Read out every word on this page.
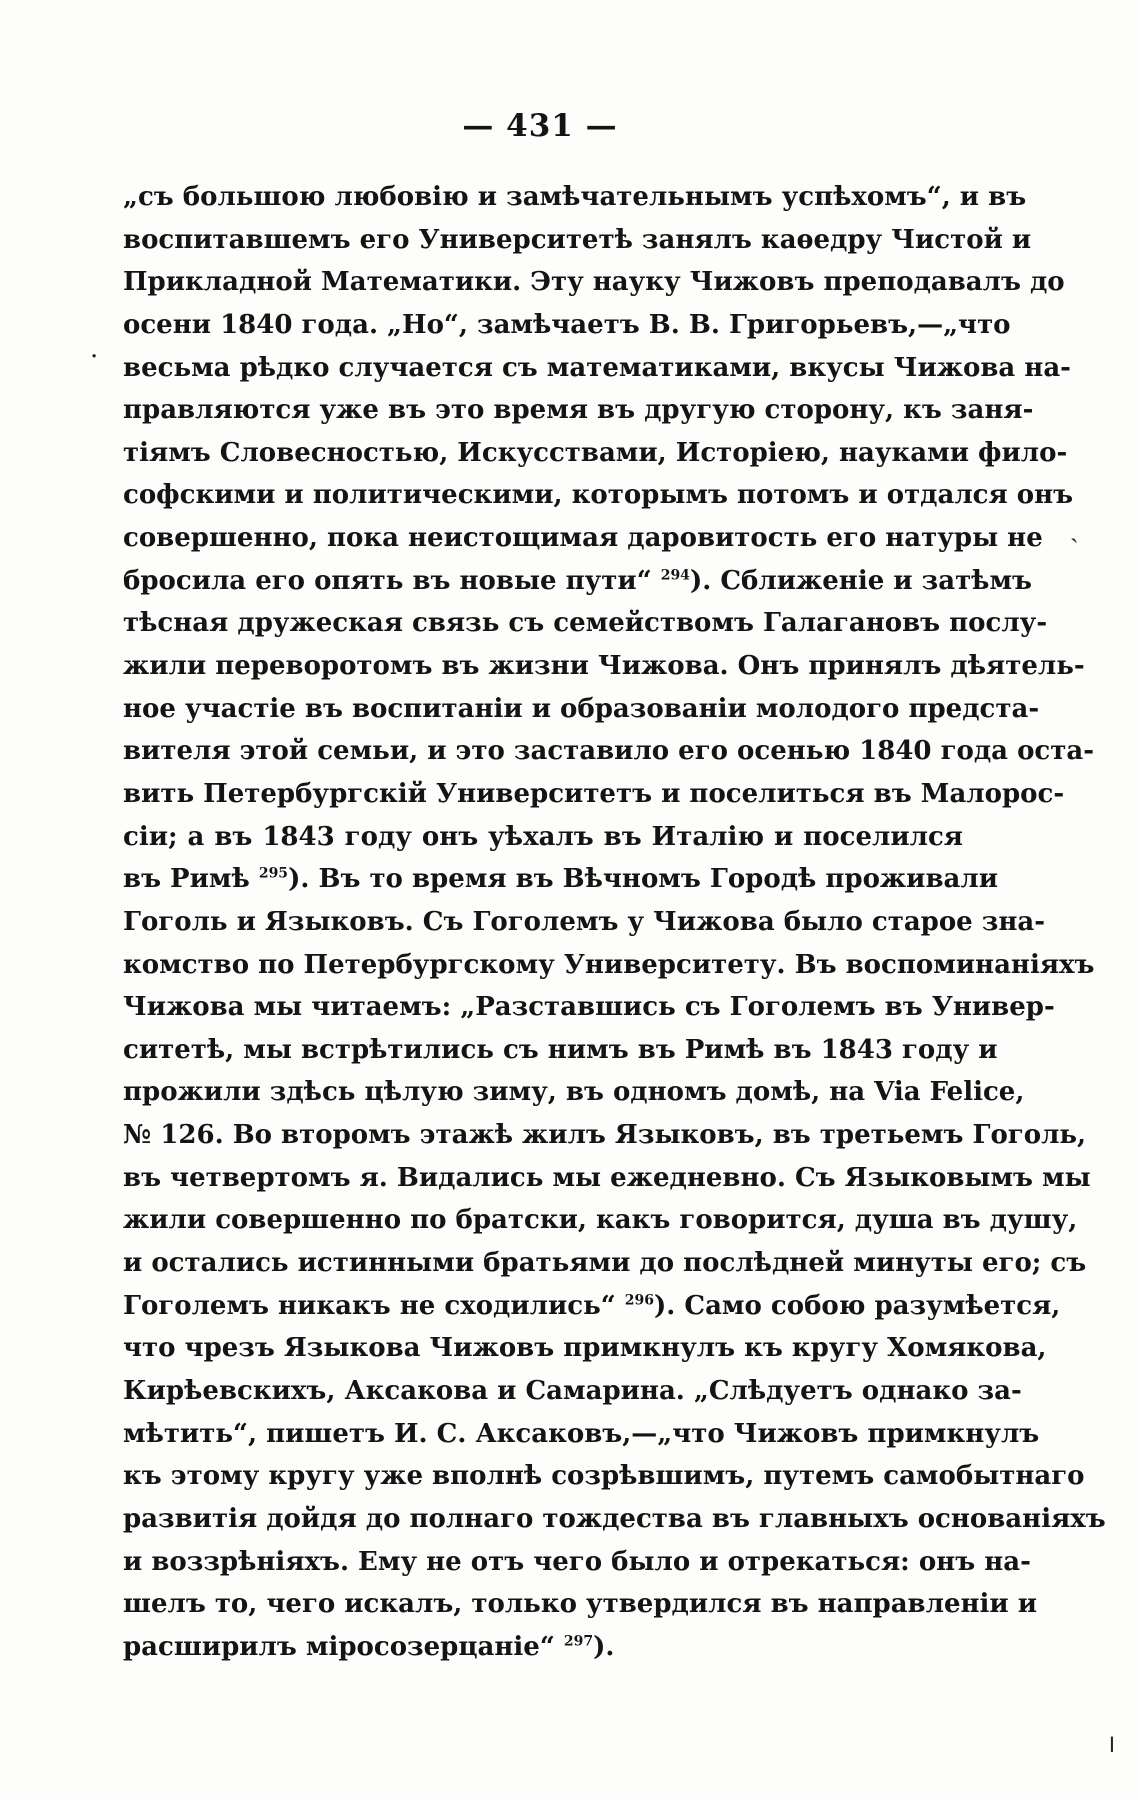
— 431 —
„съ большою любовію и замѣчательнымъ успѣхомъ“, и въ
воспитавшемъ его Университетѣ занялъ каѳедру Чистой и
Прикладной Математики. Эту науку Чижовъ преподавалъ до
осени 1840 года. „Но“, замѣчаетъ В. В. Григорьевъ,—„что
весьма рѣдко случается съ математиками, вкусы Чижова на-
правляются уже въ это время въ другую сторону, къ заня-
тіямъ Словесностью, Искусствами, Исторіею, науками фило-
софскими и политическими, которымъ потомъ и отдался онъ
совершенно, пока неистощимая даровитость его натуры не
бросила его опять въ новые пути“ $^{294}$). Сближеніе и затѣмъ
тѣсная дружеская связь съ семействомъ Галагановъ послу-
жили переворотомъ въ жизни Чижова. Онъ принялъ дѣятель-
ное участіе въ воспитаніи и образованіи молодого предста-
вителя этой семьи, и это заставило его осенью 1840 года оста-
вить Петербургскій Университетъ и поселиться въ Малорос-
сіи; а въ 1843 году онъ уѣхалъ въ Италію и поселился
въ Римѣ $^{295}$). Въ то время въ Вѣчномъ Городѣ проживали
Гоголь и Языковъ. Съ Гоголемъ у Чижова было старое зна-
комство по Петербургскому Университету. Въ воспоминаніяхъ
Чижова мы читаемъ: „Разставшись съ Гоголемъ въ Универ-
ситетѣ, мы встрѣтились съ нимъ въ Римѣ въ 1843 году и
прожили здѣсь цѣлую зиму, въ одномъ домѣ, на Via Felice,
№ 126. Во второмъ этажѣ жилъ Языковъ, въ третьемъ Гоголь,
въ четвертомъ я. Видались мы ежедневно. Съ Языковымъ мы
жили совершенно по братски, какъ говорится, душа въ душу,
и остались истинными братьями до послѣдней минуты его; съ
Гоголемъ никакъ не сходились“ $^{296}$). Само собою разумѣется,
что чрезъ Языкова Чижовъ примкнулъ къ кругу Хомякова,
Кирѣевскихъ, Аксакова и Самарина. „Слѣдуетъ однако за-
мѣтить“, пишетъ И. С. Аксаковъ,—„что Чижовъ примкнулъ
къ этому кругу уже вполнѣ созрѣвшимъ, путемъ самобытнаго
развитія дойдя до полнаго тождества въ главныхъ основаніяхъ
и воззрѣніяхъ. Ему не отъ чего было и отрекаться: онъ на-
шелъ то, чего искалъ, только утвердился въ направленіи и
расширилъ міросозерцаніе“ $^{297}$).
·
ˏ
╵
